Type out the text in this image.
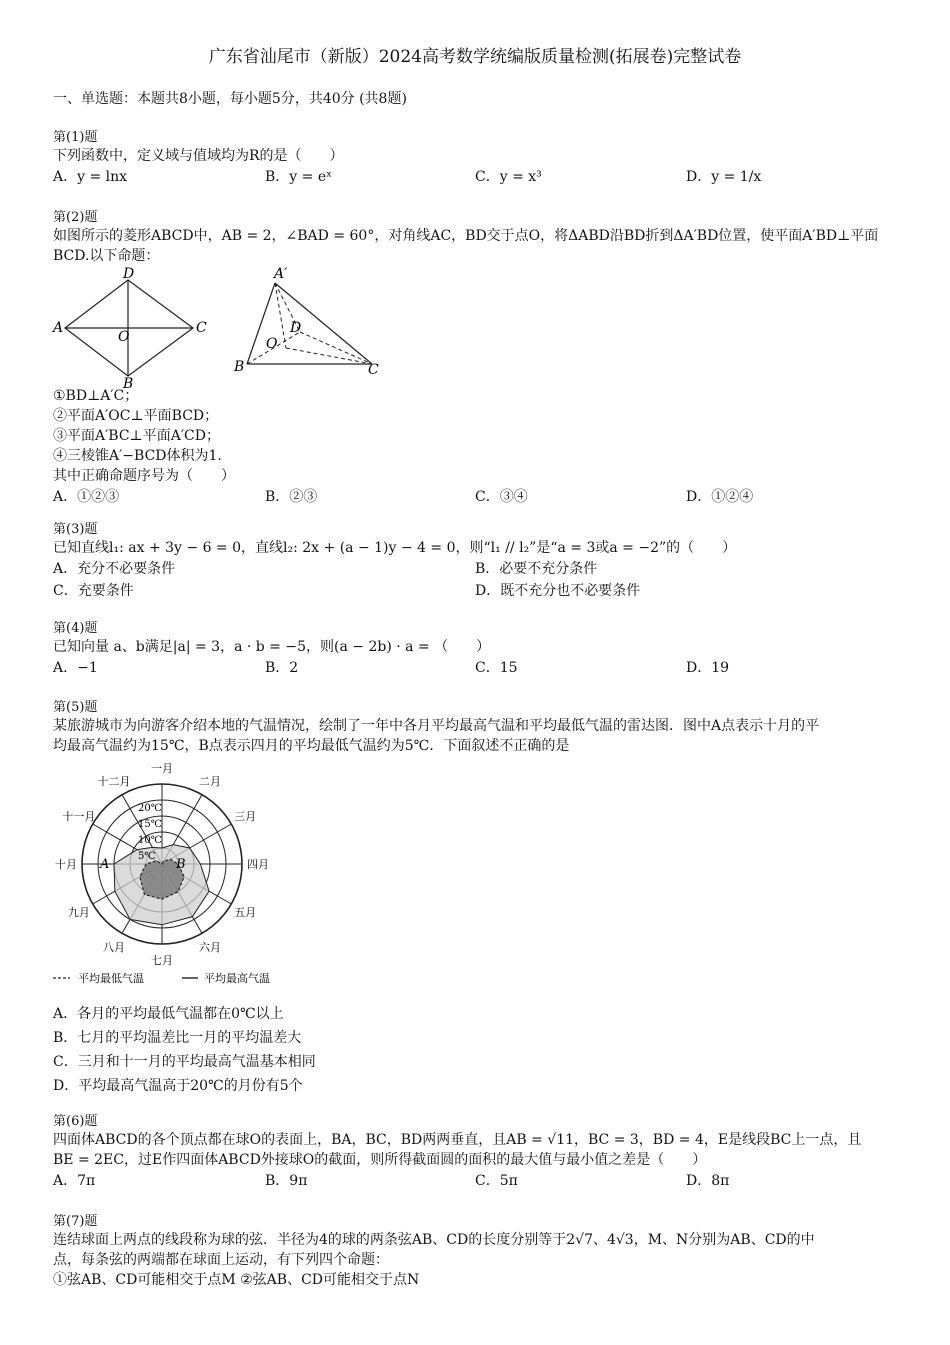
广东省汕尾市（新版）2024高考数学统编版质量检测(拓展卷)完整试卷
一、单选题：本题共8小题，每小题5分，共40分 (共8题)
第(1)题
下列函数中，定义域与值域均为R的是（　　）
A．y = lnx	B．y = eˣ	C．y = x³	D．y = 1/x
第(2)题
如图所示的菱形ABCD中，AB = 2，∠BAD = 60°，对角线AC，BD交于点O，将ΔABD沿BD折到ΔA′BD位置，使平面A′BD⊥平面
BCD.以下命题：
A
D
C
B
O
A′
B	C
D
O
①BD⊥A′C；
②平面A′OC⊥平面BCD；
③平面A′BC⊥平面A′CD；
④三棱锥A′−BCD体积为1.
其中正确命题序号为（　　）
A．①②③	B．②③	C．③④	D．①②④
第(3)题
已知直线l₁: ax + 3y − 6 = 0，直线l₂: 2x + (a − 1)y − 4 = 0，则“l₁ // l₂”是“a = 3或a = −2”的（　　）
A．充分不必要条件	B．必要不充分条件
C．充要条件	D．既不充分也不必要条件
第(4)题
已知向量 a、b满足|a| = 3，a · b = −5，则(a − 2b) · a = （　　）
A．−1	B．2	C．15	D．19
第(5)题
某旅游城市为向游客介绍本地的气温情况，绘制了一年中各月平均最高气温和平均最低气温的雷达图．图中A点表示十月的平
均最高气温约为15℃，B点表示四月的平均最低气温约为5℃．下面叙述不正确的是
一月
二月
三月
四月
五月
六月
七月
八月
九月
十月
十一月
十二月
20℃
15℃
10℃
5℃
A	B
平均最低气温	平均最高气温
A．各月的平均最低气温都在0℃以上
B．七月的平均温差比一月的平均温差大
C．三月和十一月的平均最高气温基本相同
D．平均最高气温高于20℃的月份有5个
第(6)题
四面体ABCD的各个顶点都在球O的表面上，BA，BC，BD两两垂直，且AB = √11，BC = 3，BD = 4，E是线段BC上一点，且
BE = 2EC，过E作四面体ABCD外接球O的截面，则所得截面圆的面积的最大值与最小值之差是（　　）
A．7π	B．9π	C．5π	D．8π
第(7)题
连结球面上两点的线段称为球的弦．半径为4的球的两条弦AB、CD的长度分别等于2√7、4√3，M、N分别为AB、CD的中
点，每条弦的两端都在球面上运动，有下列四个命题：
①弦AB、CD可能相交于点M ②弦AB、CD可能相交于点N
